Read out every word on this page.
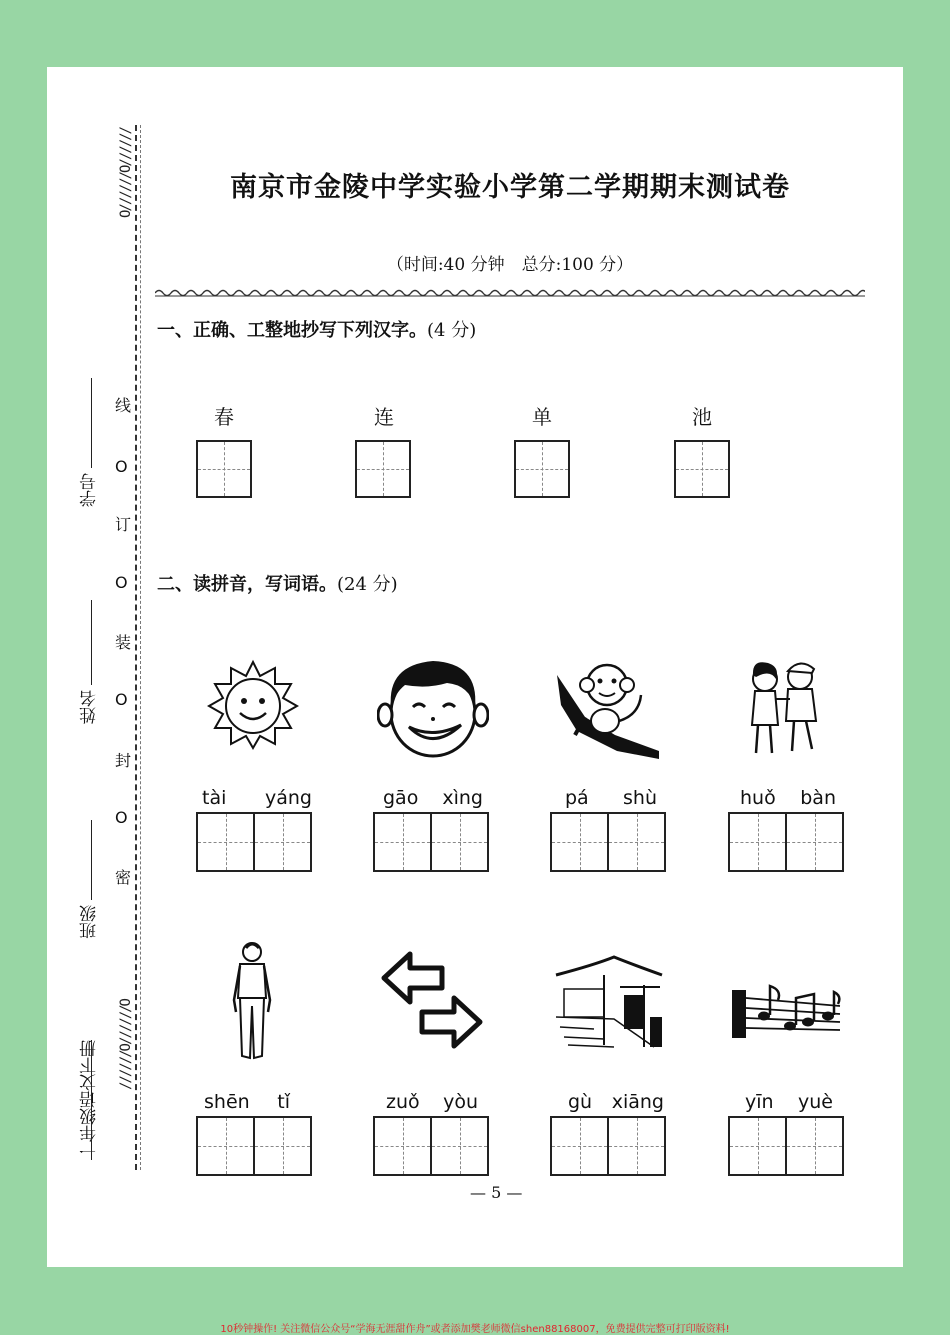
O//////O//////
//////O//////O
线
O
订
O
装
O
封
O
密
一年级语文下册
班级
姓名
学号
南京市金陵中学实验小学第二学期期末测试卷
（时间:40 分钟　总分:100 分）
一、正确、工整地抄写下列汉字。(4 分)
春	连	单	池
二、读拼音，写词语。(24 分)
tài yáng	gāo xìng	pá shù	huǒ bàn
shēn tǐ	zuǒ yòu	gù xiāng	yīn yuè
— 5 —
10秒钟操作! 关注微信公众号“学海无涯甜作舟”或者添加樊老师微信shen88168007，免费提供完整可打印版资料!
